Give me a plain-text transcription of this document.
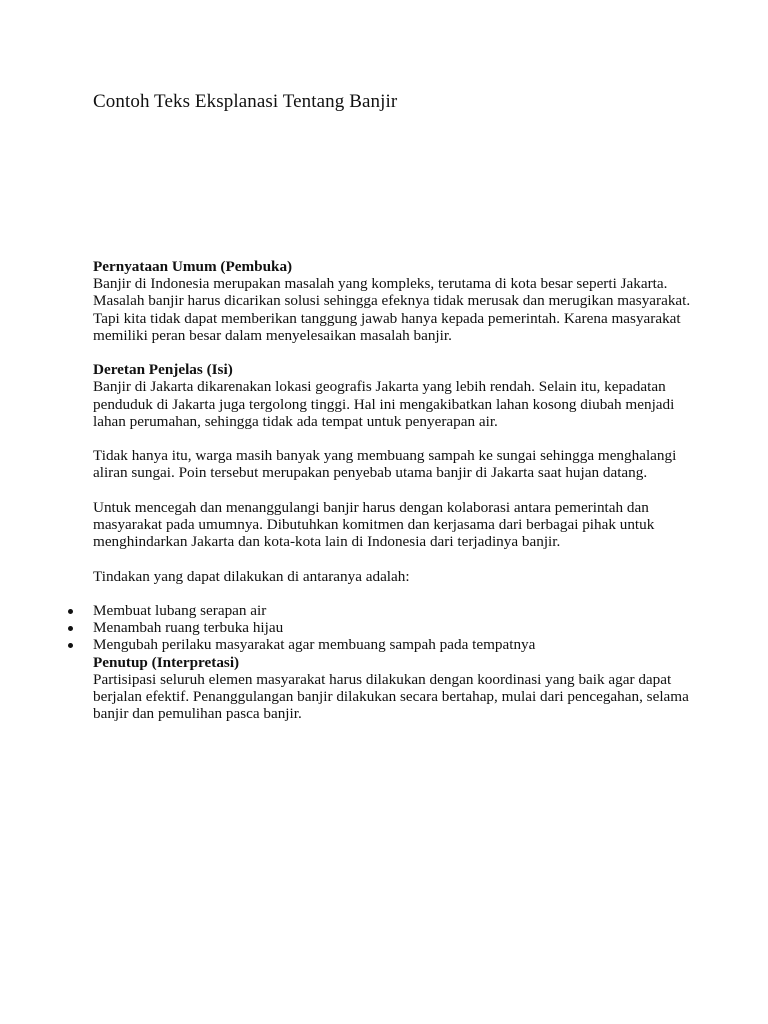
Contoh Teks Eksplanasi Tentang Banjir

Pernyataan Umum (Pembuka)

Banjir di Indonesia merupakan masalah yang kompleks, terutama di kota besar seperti Jakarta. Masalah banjir harus dicarikan solusi sehingga efeknya tidak merusak dan merugikan masyarakat. Tapi kita tidak dapat memberikan tanggung jawab hanya kepada pemerintah. Karena masyarakat memiliki peran besar dalam menyelesaikan masalah banjir.

Deretan Penjelas (Isi)

Banjir di Jakarta dikarenakan lokasi geografis Jakarta yang lebih rendah. Selain itu, kepadatan penduduk di Jakarta juga tergolong tinggi. Hal ini mengakibatkan lahan kosong diubah menjadi lahan perumahan, sehingga tidak ada tempat untuk penyerapan air.

Tidak hanya itu, warga masih banyak yang membuang sampah ke sungai sehingga menghalangi aliran sungai. Poin tersebut merupakan penyebab utama banjir di Jakarta saat hujan datang.

Untuk mencegah dan menanggulangi banjir harus dengan kolaborasi antara pemerintah dan masyarakat pada umumnya. Dibutuhkan komitmen dan kerjasama dari berbagai pihak untuk menghindarkan Jakarta dan kota-kota lain di Indonesia dari terjadinya banjir.

Tindakan yang dapat dilakukan di antaranya adalah:

Membuat lubang serapan air
Menambah ruang terbuka hijau
Mengubah perilaku masyarakat agar membuang sampah pada tempatnya

Penutup (Interpretasi)

Partisipasi seluruh elemen masyarakat harus dilakukan dengan koordinasi yang baik agar dapat berjalan efektif. Penanggulangan banjir dilakukan secara bertahap, mulai dari pencegahan, selama banjir dan pemulihan pasca banjir.
